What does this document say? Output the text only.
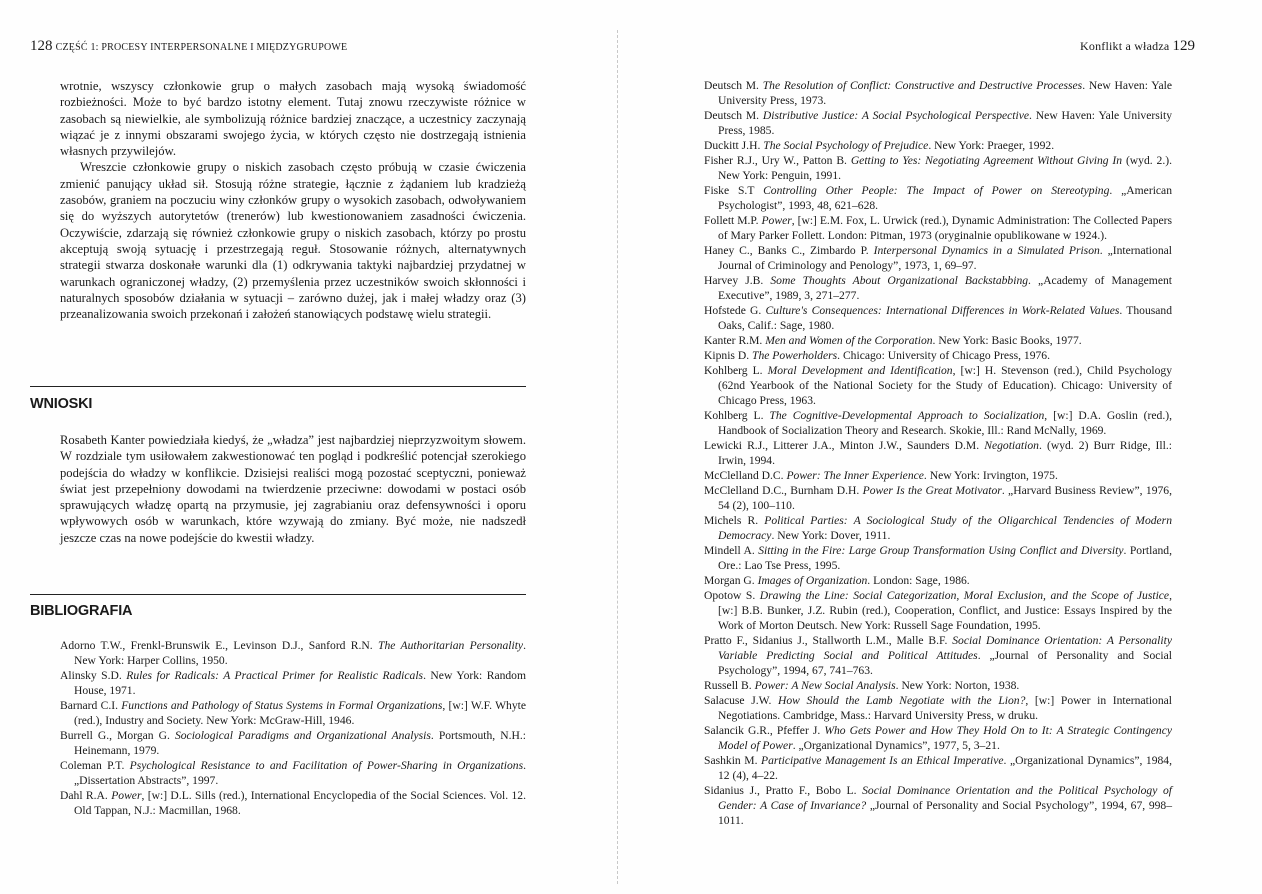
128 CZĘŚĆ 1: PROCESY INTERPERSONALNE I MIĘDZYGRUPOWE

wrotnie, wszyscy członkowie grup o małych zasobach mają wysoką świadomość rozbieżności. Może to być bardzo istotny element. Tutaj znowu rzeczywiste różnice w zasobach są niewielkie, ale symbolizują różnice bardziej znaczące, a uczestnicy zaczynają wiązać je z innymi obszarami swojego życia, w których często nie dostrzegają istnienia własnych przywilejów.

Wreszcie członkowie grupy o niskich zasobach często próbują w czasie ćwiczenia zmienić panujący układ sił. Stosują różne strategie, łącznie z żądaniem lub kradzieżą zasobów, graniem na poczuciu winy członków grupy o wysokich zasobach, odwoływaniem się do wyższych autorytetów (trenerów) lub kwestionowaniem zasadności ćwiczenia. Oczywiście, zdarzają się również członkowie grupy o niskich zasobach, którzy po prostu akceptują swoją sytuację i przestrzegają reguł. Stosowanie różnych, alternatywnych strategii stwarza doskonałe warunki dla (1) odkrywania taktyki najbardziej przydatnej w warunkach ograniczonej władzy, (2) przemyślenia przez uczestników swoich skłonności i naturalnych sposobów działania w sytuacji – zarówno dużej, jak i małej władzy oraz (3) przeanalizowania swoich przekonań i założeń stanowiących podstawę wielu strategii.

WNIOSKI

Rosabeth Kanter powiedziała kiedyś, że „władza” jest najbardziej nieprzyzwoitym słowem. W rozdziale tym usiłowałem zakwestionować ten pogląd i podkreślić potencjał szerokiego podejścia do władzy w konflikcie. Dzisiejsi realiści mogą pozostać sceptyczni, ponieważ świat jest przepełniony dowodami na twierdzenie przeciwne: dowodami w postaci osób sprawujących władzę opartą na przymusie, jej zagrabianiu oraz defensywności i oporu wpływowych osób w warunkach, które wzywają do zmiany. Być może, nie nadszedł jeszcze czas na nowe podejście do kwestii władzy.

BIBLIOGRAFIA
Adorno T.W., Frenkl-Brunswik E., Levinson D.J., Sanford R.N. The Authoritarian Personality. New York: Harper Collins, 1950.
Alinsky S.D. Rules for Radicals: A Practical Primer for Realistic Radicals. New York: Random House, 1971.
Barnard C.I. Functions and Pathology of Status Systems in Formal Organizations, [w:] W.F. Whyte (red.), Industry and Society. New York: McGraw-Hill, 1946.
Burrell G., Morgan G. Sociological Paradigms and Organizational Analysis. Portsmouth, N.H.: Heinemann, 1979.
Coleman P.T. Psychological Resistance to and Facilitation of Power-Sharing in Organizations. „Dissertation Abstracts”, 1997.
Dahl R.A. Power, [w:] D.L. Sills (red.), International Encyclopedia of the Social Sciences. Vol. 12. Old Tappan, N.J.: Macmillan, 1968.
Konflikt a władza 129
Deutsch M. The Resolution of Conflict: Constructive and Destructive Processes. New Haven: Yale University Press, 1973.
Deutsch M. Distributive Justice: A Social Psychological Perspective. New Haven: Yale University Press, 1985.
Duckitt J.H. The Social Psychology of Prejudice. New York: Praeger, 1992.
Fisher R.J., Ury W., Patton B. Getting to Yes: Negotiating Agreement Without Giving In (wyd. 2.). New York: Penguin, 1991.
Fiske S.T Controlling Other People: The Impact of Power on Stereotyping. „American Psychologist”, 1993, 48, 621–628.
Follett M.P. Power, [w:] E.M. Fox, L. Urwick (red.), Dynamic Administration: The Collected Papers of Mary Parker Follett. London: Pitman, 1973 (oryginalnie opublikowane w 1924.).
Haney C., Banks C., Zimbardo P. Interpersonal Dynamics in a Simulated Prison. „International Journal of Criminology and Penology”, 1973, 1, 69–97.
Harvey J.B. Some Thoughts About Organizational Backstabbing. „Academy of Management Executive”, 1989, 3, 271–277.
Hofstede G. Culture's Consequences: International Differences in Work-Related Values. Thousand Oaks, Calif.: Sage, 1980.
Kanter R.M. Men and Women of the Corporation. New York: Basic Books, 1977.
Kipnis D. The Powerholders. Chicago: University of Chicago Press, 1976.
Kohlberg L. Moral Development and Identification, [w:] H. Stevenson (red.), Child Psychology (62nd Yearbook of the National Society for the Study of Education). Chicago: University of Chicago Press, 1963.
Kohlberg L. The Cognitive-Developmental Approach to Socialization, [w:] D.A. Goslin (red.), Handbook of Socialization Theory and Research. Skokie, Ill.: Rand McNally, 1969.
Lewicki R.J., Litterer J.A., Minton J.W., Saunders D.M. Negotiation. (wyd. 2) Burr Ridge, Ill.: Irwin, 1994.
McClelland D.C. Power: The Inner Experience. New York: Irvington, 1975.
McClelland D.C., Burnham D.H. Power Is the Great Motivator. „Harvard Business Review”, 1976, 54 (2), 100–110.
Michels R. Political Parties: A Sociological Study of the Oligarchical Tendencies of Modern Democracy. New York: Dover, 1911.
Mindell A. Sitting in the Fire: Large Group Transformation Using Conflict and Diversity. Portland, Ore.: Lao Tse Press, 1995.
Morgan G. Images of Organization. London: Sage, 1986.
Opotow S. Drawing the Line: Social Categorization, Moral Exclusion, and the Scope of Justice, [w:] B.B. Bunker, J.Z. Rubin (red.), Cooperation, Conflict, and Justice: Essays Inspired by the Work of Morton Deutsch. New York: Russell Sage Foundation, 1995.
Pratto F., Sidanius J., Stallworth L.M., Malle B.F. Social Dominance Orientation: A Personality Variable Predicting Social and Political Attitudes. „Journal of Personality and Social Psychology”, 1994, 67, 741–763.
Russell B. Power: A New Social Analysis. New York: Norton, 1938.
Salacuse J.W. How Should the Lamb Negotiate with the Lion?, [w:] Power in International Negotiations. Cambridge, Mass.: Harvard University Press, w druku.
Salancik G.R., Pfeffer J. Who Gets Power and How They Hold On to It: A Strategic Contingency Model of Power. „Organizational Dynamics”, 1977, 5, 3–21.
Sashkin M. Participative Management Is an Ethical Imperative. „Organizational Dynamics”, 1984, 12 (4), 4–22.
Sidanius J., Pratto F., Bobo L. Social Dominance Orientation and the Political Psychology of Gender: A Case of Invariance? „Journal of Personality and Social Psychology”, 1994, 67, 998–1011.
